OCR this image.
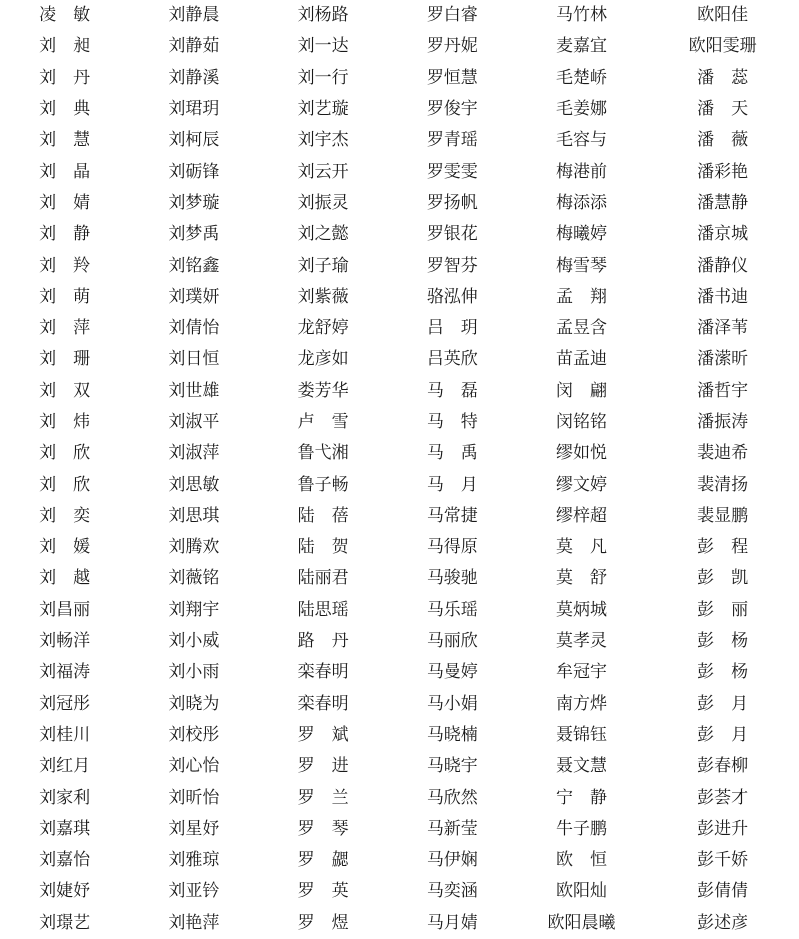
凌　敏	刘静晨	刘杨路	罗白睿	马竹林	欧阳佳
刘　昶	刘静茹	刘一达	罗丹妮	麦嘉宜	欧阳雯珊
刘　丹	刘静溪	刘一行	罗恒慧	毛楚峤	潘　蕊
刘　典	刘珺玥	刘艺璇	罗俊宇	毛姜娜	潘　天
刘　慧	刘柯辰	刘宇杰	罗青瑶	毛容与	潘　薇
刘　晶	刘砺锋	刘云开	罗雯雯	梅港前	潘彩艳
刘　婧	刘梦璇	刘振灵	罗扬帆	梅添添	潘慧静
刘　静	刘梦禹	刘之懿	罗银花	梅曦婷	潘京城
刘　羚	刘铭鑫	刘子瑜	罗智芬	梅雪琴	潘静仪
刘　萌	刘璞妍	刘紫薇	骆泓伸	孟　翔	潘书迪
刘　萍	刘倩怡	龙舒婷	吕　玥	孟昱含	潘泽苇
刘　珊	刘日恒	龙彦如	吕英欣	苗孟迪	潘潆昕
刘　双	刘世雄	娄芳华	马　磊	闵　翩	潘哲宇
刘　炜	刘淑平	卢　雪	马　特	闵铭铭	潘振涛
刘　欣	刘淑萍	鲁弋湘	马　禹	缪如悦	裴迪希
刘　欣	刘思敏	鲁子畅	马　月	缪文婷	裴清扬
刘　奕	刘思琪	陆　蓓	马常捷	缪梓超	裴显鹏
刘　媛	刘腾欢	陆　贺	马得原	莫　凡	彭　程
刘　越	刘薇铭	陆丽君	马骏驰	莫　舒	彭　凯
刘昌丽	刘翔宇	陆思瑶	马乐瑶	莫炳城	彭　丽
刘畅洋	刘小威	路　丹	马丽欣	莫孝灵	彭　杨
刘福涛	刘小雨	栾春明	马曼婷	牟冠宇	彭　杨
刘冠彤	刘晓为	栾春明	马小娟	南方烨	彭　月
刘桂川	刘校彤	罗　斌	马晓楠	聂锦钰	彭　月
刘红月	刘心怡	罗　进	马晓宇	聂文慧	彭春柳
刘家利	刘昕怡	罗　兰	马欣然	宁　静	彭荟才
刘嘉琪	刘星妤	罗　琴	马新莹	牛子鹏	彭进升
刘嘉怡	刘雅琼	罗　勰	马伊娴	欧　恒	彭千娇
刘婕妤	刘亚钤	罗　英	马奕涵	欧阳灿	彭倩倩
刘璟艺	刘艳萍	罗　煜	马月婧	欧阳晨曦	彭述彦
